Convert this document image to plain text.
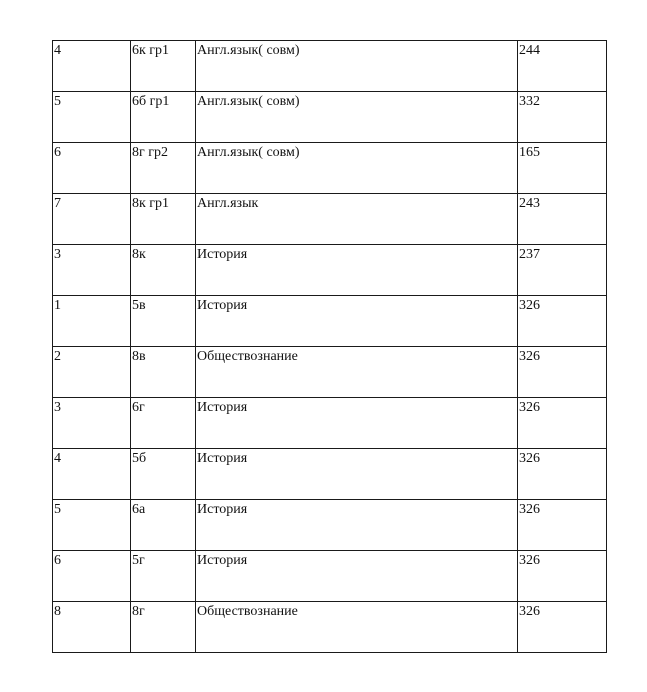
4	6к гр1	Англ.язык( совм)	244
5	6б гр1	Англ.язык( совм)	332
6	8г гр2	Англ.язык( совм)	165
7	8к гр1	Англ.язык	243
3	8к	История	237
1	5в	История	326
2	8в	Обществознание	326
3	6г	История	326
4	5б	История	326
5	6а	История	326
6	5г	История	326
8	8г	Обществознание	326
